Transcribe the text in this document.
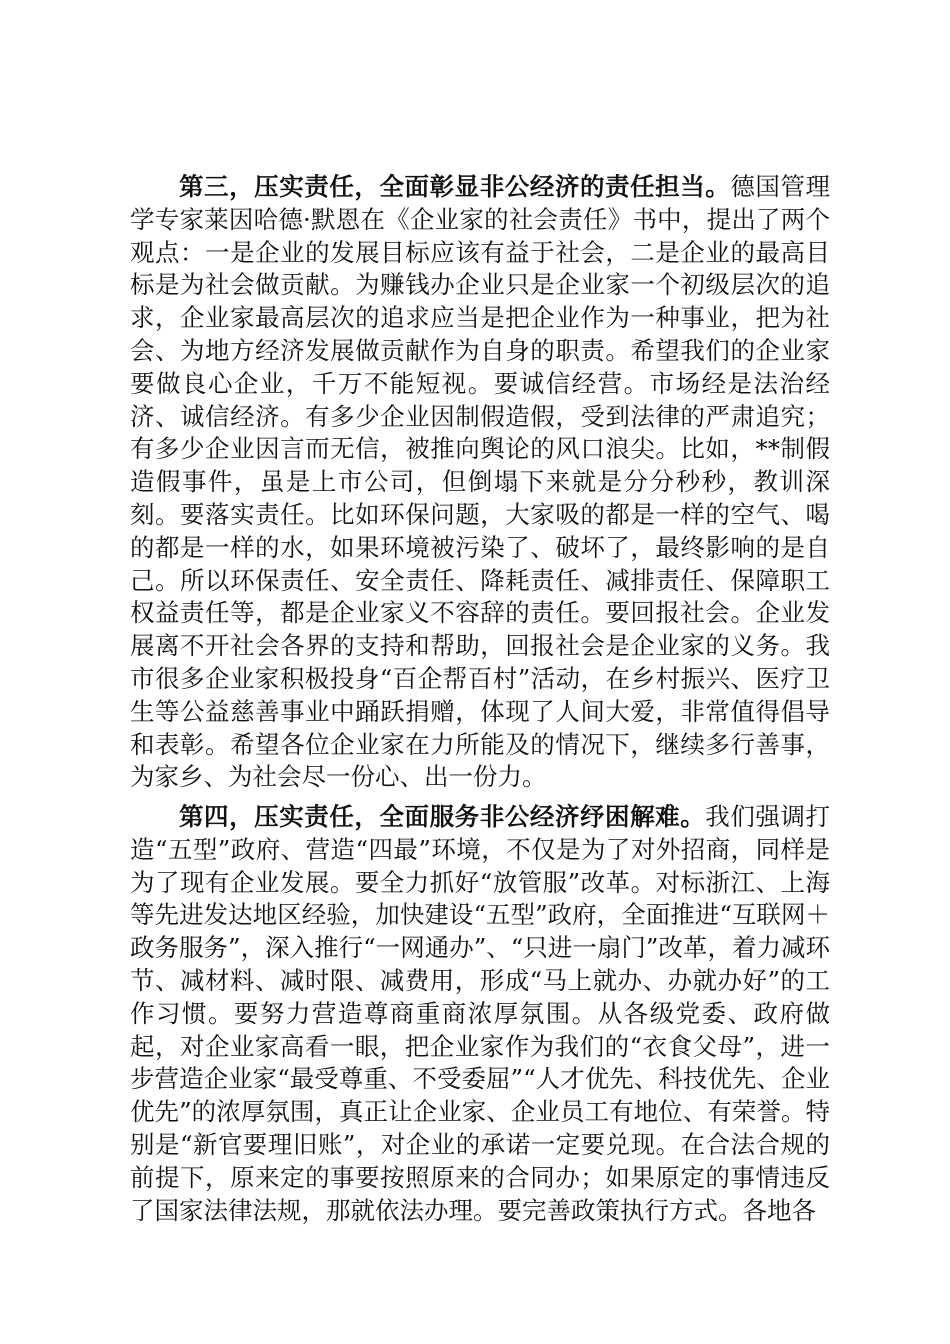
第三，压实责任，全面彰显非公经济的责任担当。德国管理学专家莱因哈德·默恩在《企业家的社会责任》书中，提出了两个观点：一是企业的发展目标应该有益于社会，二是企业的最高目标是为社会做贡献。为赚钱办企业只是企业家一个初级层次的追求，企业家最高层次的追求应当是把企业作为一种事业，把为社会、为地方经济发展做贡献作为自身的职责。希望我们的企业家要做良心企业，千万不能短视。要诚信经营。市场经是法治经济、诚信经济。有多少企业因制假造假，受到法律的严肃追究；有多少企业因言而无信，被推向舆论的风口浪尖。比如，**制假造假事件，虽是上市公司，但倒塌下来就是分分秒秒，教训深刻。要落实责任。比如环保问题，大家吸的都是一样的空气、喝的都是一样的水，如果环境被污染了、破坏了，最终影响的是自己。所以环保责任、安全责任、降耗责任、减排责任、保障职工权益责任等，都是企业家义不容辞的责任。要回报社会。企业发展离不开社会各界的支持和帮助，回报社会是企业家的义务。我市很多企业家积极投身“百企帮百村”活动，在乡村振兴、医疗卫生等公益慈善事业中踊跃捐赠，体现了人间大爱，非常值得倡导和表彰。希望各位企业家在力所能及的情况下，继续多行善事，为家乡、为社会尽一份心、出一份力。

第四，压实责任，全面服务非公经济纾困解难。我们强调打造“五型”政府、营造“四最”环境，不仅是为了对外招商，同样是为了现有企业发展。要全力抓好“放管服”改革。对标浙江、上海等先进发达地区经验，加快建设“五型”政府，全面推进“互联网＋政务服务”，深入推行“一网通办”、“只进一扇门”改革，着力减环节、减材料、减时限、减费用，形成“马上就办、办就办好”的工作习惯。要努力营造尊商重商浓厚氛围。从各级党委、政府做起，对企业家高看一眼，把企业家作为我们的“衣食父母”，进一步营造企业家“最受尊重、不受委屈”“人才优先、科技优先、企业优先”的浓厚氛围，真正让企业家、企业员工有地位、有荣誉。特别是“新官要理旧账”，对企业的承诺一定要兑现。在合法合规的前提下，原来定的事要按照原来的合同办；如果原定的事情违反了国家法律法规，那就依法办理。要完善政策执行方式。各地各
